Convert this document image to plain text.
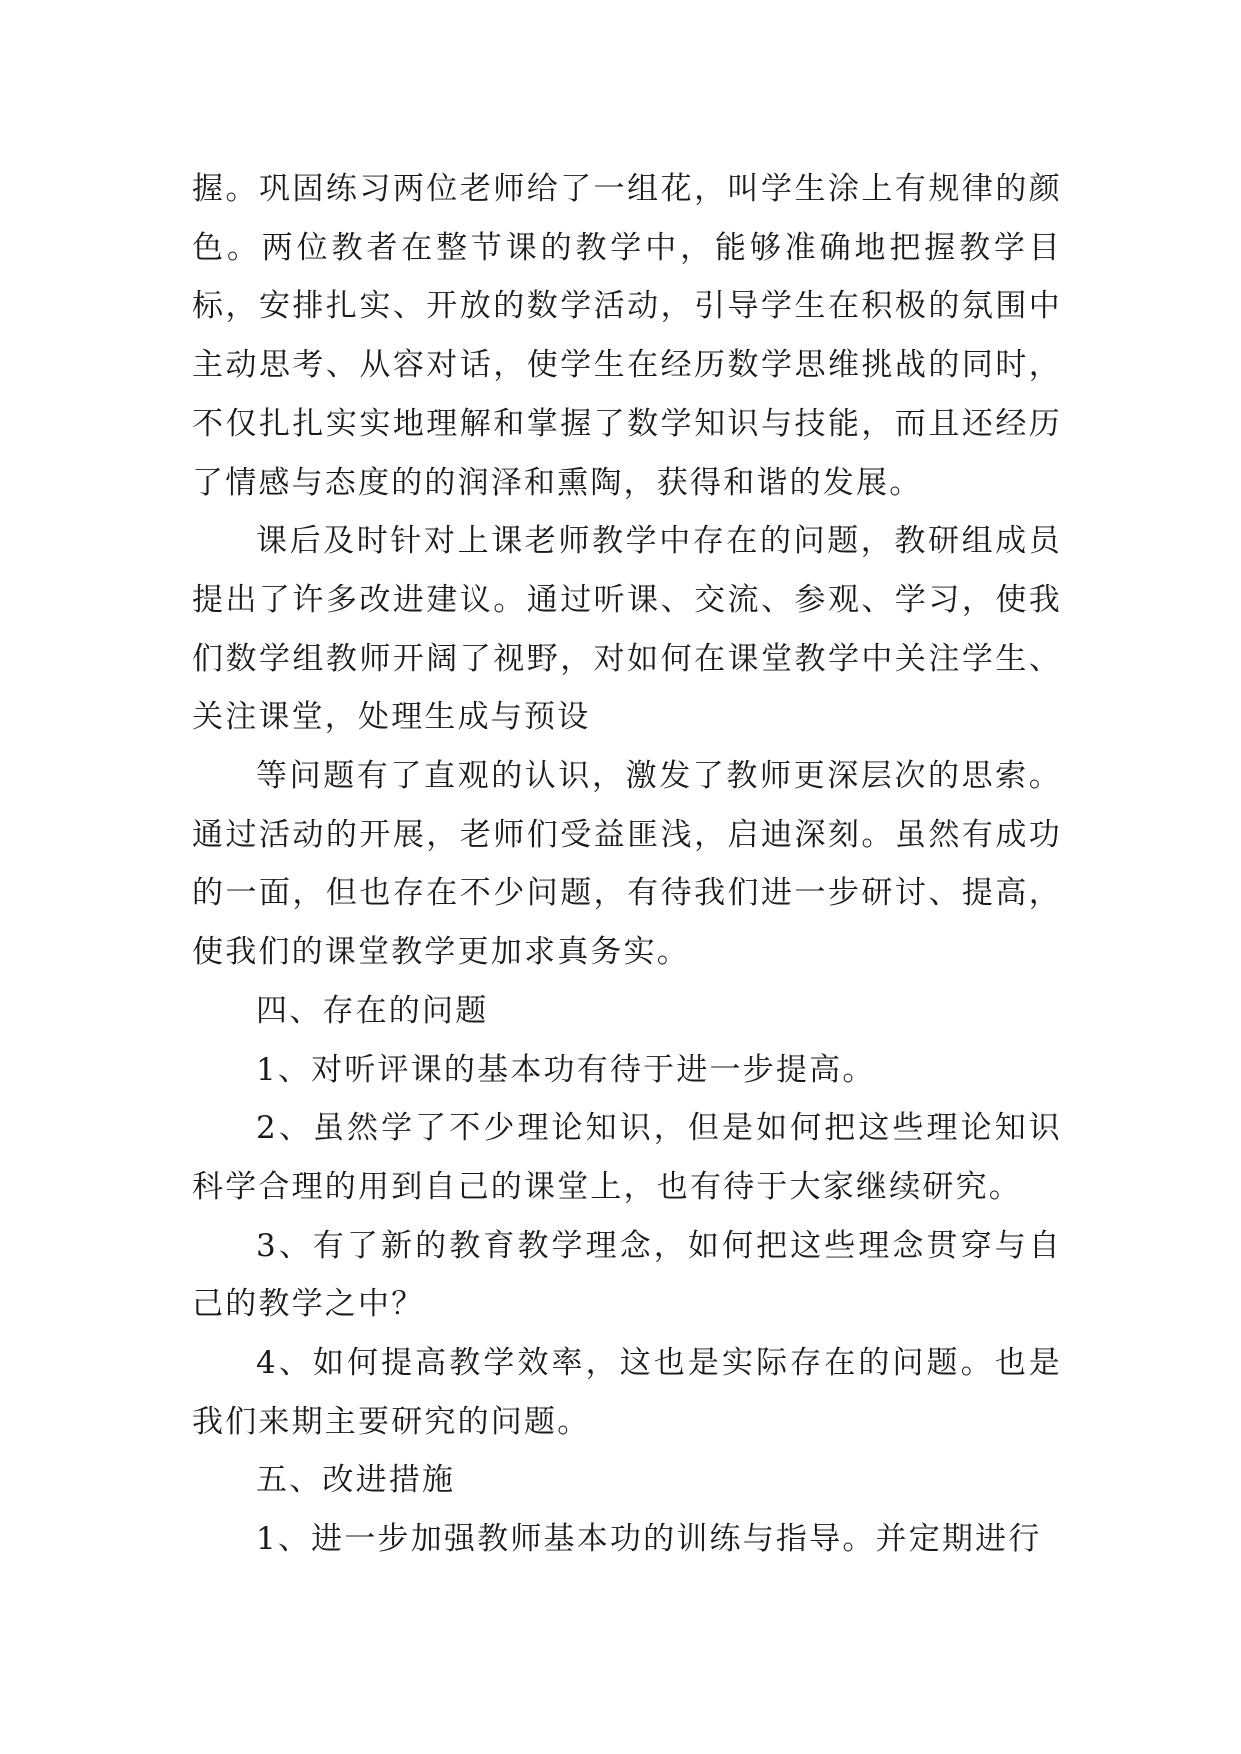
握。巩固练习两位老师给了一组花，叫学生涂上有规律的颜色。两位教者在整节课的教学中，能够准确地把握教学目标，安排扎实、开放的数学活动，引导学生在积极的氛围中主动思考、从容对话，使学生在经历数学思维挑战的同时，不仅扎扎实实地理解和掌握了数学知识与技能，而且还经历了情感与态度的的润泽和熏陶，获得和谐的发展。

课后及时针对上课老师教学中存在的问题，教研组成员提出了许多改进建议。通过听课、交流、参观、学习，使我们数学组教师开阔了视野，对如何在课堂教学中关注学生、关注课堂，处理生成与预设

等问题有了直观的认识，激发了教师更深层次的思索。通过活动的开展，老师们受益匪浅，启迪深刻。虽然有成功的一面，但也存在不少问题，有待我们进一步研讨、提高，使我们的课堂教学更加求真务实。

四、存在的问题

1、对听评课的基本功有待于进一步提高。

2、虽然学了不少理论知识，但是如何把这些理论知识科学合理的用到自己的课堂上，也有待于大家继续研究。

3、有了新的教育教学理念，如何把这些理念贯穿与自己的教学之中？

4、如何提高教学效率，这也是实际存在的问题。也是我们来期主要研究的问题。

五、改进措施

1、进一步加强教师基本功的训练与指导。并定期进行
